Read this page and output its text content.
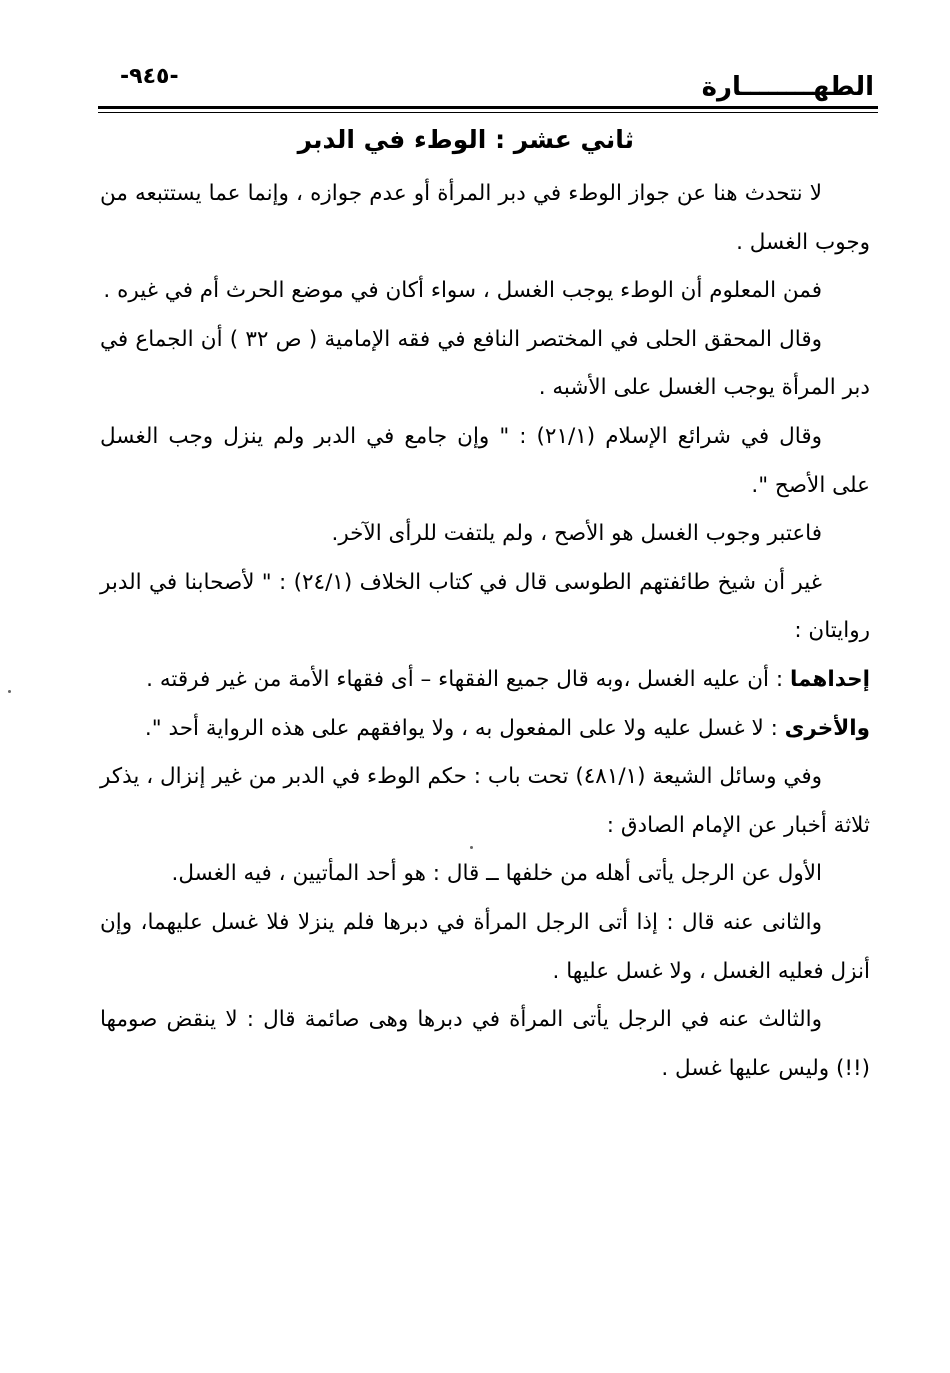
الطهــــــــارة
-٩٤٥-
ثاني عشر : الوطء في الدبر

لا نتحدث هنا عن جواز الوطء في دبر المرأة أو عدم جوازه ، وإنما عما يستتبعه من وجوب الغسل .

فمن المعلوم أن الوطء يوجب الغسل ، سواء أكان في موضع الحرث أم في غيره .

وقال المحقق الحلى في المختصر النافع في فقه الإمامية ( ص ٣٢ ) أن الجماع في دبر المرأة يوجب الغسل على الأشبه .

وقال في شرائع الإسلام (٢١/١) : " وإن جامع في الدبر ولم ينزل وجب الغسل على الأصح ".

فاعتبر وجوب الغسل هو الأصح ، ولم يلتفت للرأى الآخر.

غير أن شيخ طائفتهم الطوسى قال في كتاب الخلاف (٢٤/١) : " لأصحابنا في الدبر روايتان :

إحداهما : أن عليه الغسل ،وبه قال جميع الفقهاء – أى فقهاء الأمة من غير فرقته .

والأخرى : لا غسل عليه ولا على المفعول به ، ولا يوافقهم على هذه الرواية أحد ".

وفي وسائل الشيعة (٤٨١/١) تحت باب : حكم الوطء في الدبر من غير إنزال ، يذكر ثلاثة أخبار عن الإمام الصادق :

الأول عن الرجل يأتى أهله من خلفها ــ قال : هو أحد المأتيين ، فيه الغسل.

والثانى عنه قال : إذا أتى الرجل المرأة في دبرها فلم ينزلا فلا غسل عليهما، وإن أنزل فعليه الغسل ، ولا غسل عليها .

والثالث عنه في الرجل يأتى المرأة في دبرها وهى صائمة قال : لا ينقض صومها (!!) وليس عليها غسل .
